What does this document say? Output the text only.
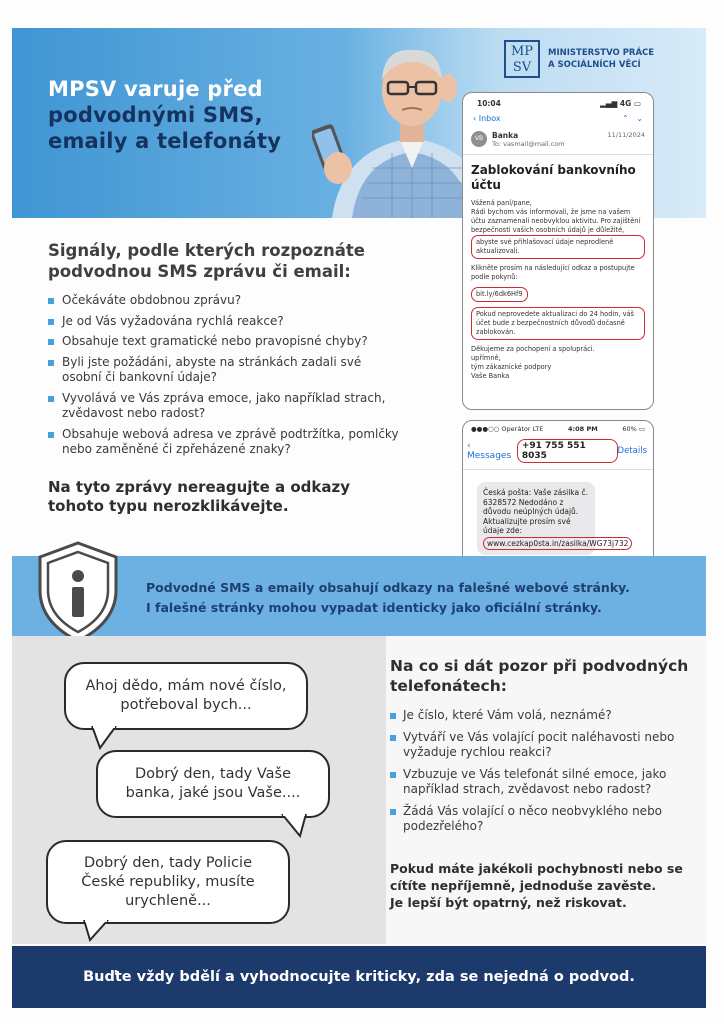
MPSV varuje před
podvodnými SMS,
emaily a telefonáty
MP
SV
MINISTERSTVO PRÁCE
A SOCIÁLNÍCH VĚCÍ
10:04	▂▄▆ 4G ▭
‹ Inbox	⌃   ⌄
VB	Banka
To: vasmail@mail.com
11/11/2024
Zablokování bankovního účtu

Vážená paní/pane,
Rádi bychom vás informovali, že jsme na vašem účtu zaznamenali neobvyklou aktivitu. Pro zajištění bezpečnosti vašich osobních údajů je důležité, abyste své přihlašovací údaje neprodleně aktualizovali.

Klikněte prosím na následující odkaz a postupujte podle pokynů:

bit.ly/6dk6Hf9

Pokud neprovedete aktualizaci do 24 hodin, váš účet bude z bezpečnostních důvodů dočasně zablokován.

Děkujeme za pochopení a spolupráci.
upřímně,
tým zákaznické podpory
Vaše Banka

Signály, podle kterých rozpoznáte podvodnou SMS zprávu či email:
Očekáváte obdobnou zprávu?
Je od Vás vyžadována rychlá reakce?
Obsahuje text gramatické nebo pravopisné chyby?
Byli jste požádáni, abyste na stránkách zadali své osobní či bankovní údaje?
Vyvolává ve Vás zpráva emoce, jako například strach, zvědavost nebo radost?
Obsahuje webová adresa ve zprávě podtržítka, pomlčky nebo zaměněné či zpřeházené znaky?
Na tyto zprávy nereagujte a odkazy tohoto typu nerozklikávejte.
●●●○○ Operátor LTE	4:08 PM	60% ▭
‹ Messages
+91 755 551 8035	Details
Česká pošta: Vaše zásilka č. 6328572 Nedodáno z důvodu neúplných údajů. Aktualizujte prosím své údaje zde:
www.cezkap0sta.in/zasilka/WG73j732
Podvodné SMS a emaily obsahují odkazy na falešné webové stránky.
I falešné stránky mohou vypadat identicky jako oficiální stránky.
Ahoj dědo, mám nové číslo, potřeboval bych...
Dobrý den, tady Vaše banka, jaké jsou Vaše....
Dobrý den, tady Policie České republiky, musíte urychleně...
Na co si dát pozor při podvodných telefonátech:
Je číslo, které Vám volá, neznámé?
Vytváří ve Vás volající pocit naléhavosti nebo vyžaduje rychlou reakci?
Vzbuzuje ve Vás telefonát silné emoce, jako například strach, zvědavost nebo radost?
Žádá Vás volající o něco neobvyklého nebo podezřelého?
Pokud máte jakékoli pochybnosti nebo se cítíte nepříjemně, jednoduše zavěste.
Je lepší být opatrný, než riskovat.
Buďte vždy bdělí a vyhodnocujte kriticky, zda se nejedná o podvod.
